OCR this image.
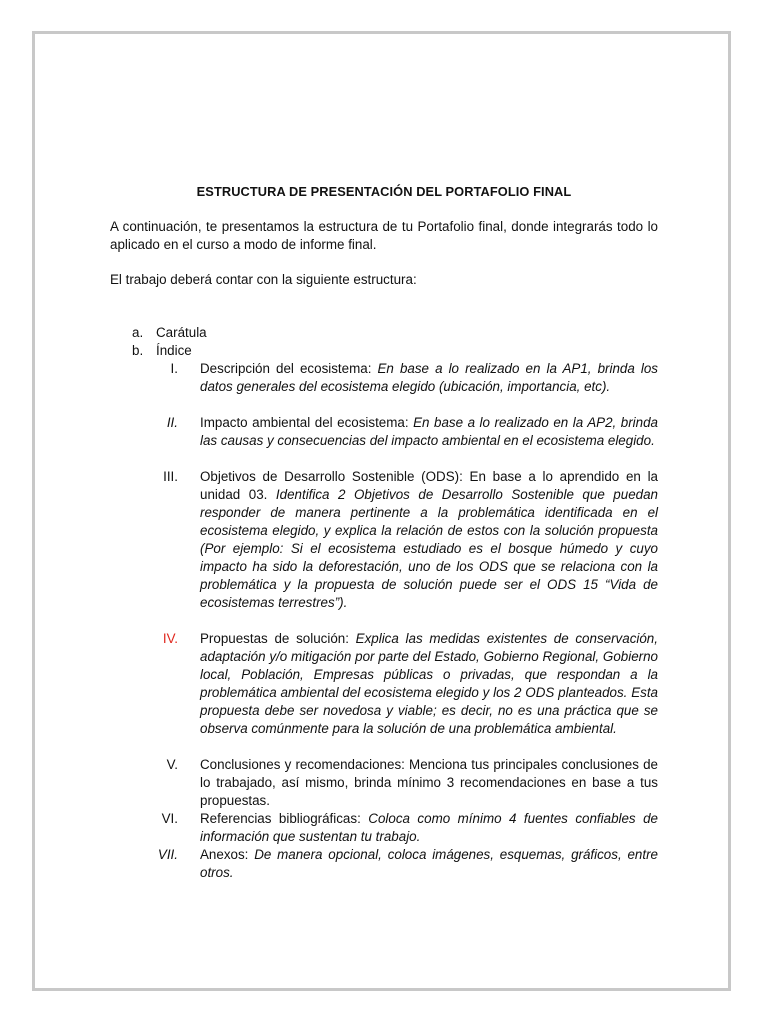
ESTRUCTURA DE PRESENTACIÓN DEL PORTAFOLIO FINAL

A continuación, te presentamos la estructura de tu Portafolio final, donde integrarás todo lo aplicado en el curso a modo de informe final.

El trabajo deberá contar con la siguiente estructura:

a. Carátula
b. Índice
I.	Descripción del ecosistema: En base a lo realizado en la AP1, brinda los datos generales del ecosistema elegido (ubicación, importancia, etc).
II.	Impacto ambiental del ecosistema: En base a lo realizado en la AP2, brinda las causas y consecuencias del impacto ambiental en el ecosistema elegido.
III.	Objetivos de Desarrollo Sostenible (ODS): En base a lo aprendido en la unidad 03. Identifica 2 Objetivos de Desarrollo Sostenible que puedan responder de manera pertinente a la problemática identificada en el ecosistema elegido, y explica la relación de estos con la solución propuesta (Por ejemplo: Si el ecosistema estudiado es el bosque húmedo y cuyo impacto ha sido la deforestación, uno de los ODS que se relaciona con la problemática y la propuesta de solución puede ser el ODS 15 “Vida de ecosistemas terrestres”).
IV.	Propuestas de solución: Explica las medidas existentes de conservación, adaptación y/o mitigación por parte del Estado, Gobierno Regional, Gobierno local, Población, Empresas públicas o privadas, que respondan a la problemática ambiental del ecosistema elegido y los 2 ODS planteados. Esta propuesta debe ser novedosa y viable; es decir, no es una práctica que se observa comúnmente para la solución de una problemática ambiental.
V.	Conclusiones y recomendaciones: Menciona tus principales conclusiones de lo trabajado, así mismo, brinda mínimo 3 recomendaciones en base a tus propuestas.
VI.	Referencias bibliográficas: Coloca como mínimo 4 fuentes confiables de información que sustentan tu trabajo.
VII.	Anexos: De manera opcional, coloca imágenes, esquemas, gráficos, entre otros.
